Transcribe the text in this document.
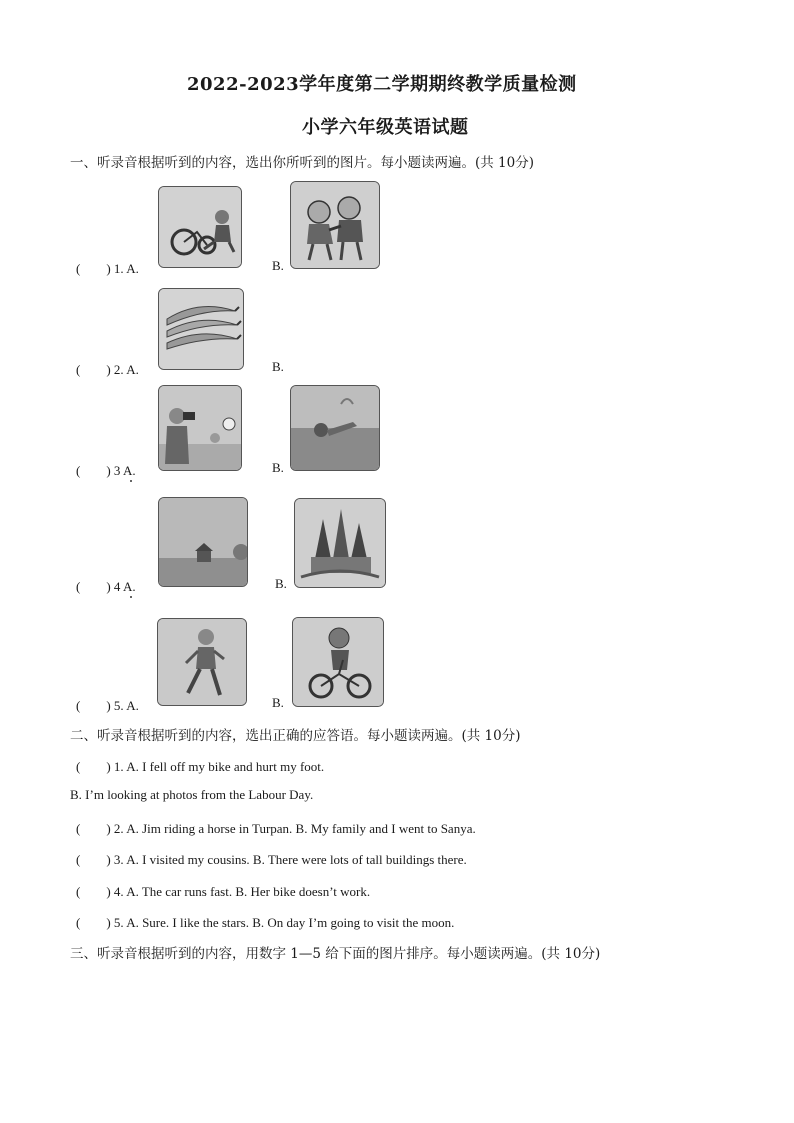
2022-2023学年度第二学期期终教学质量检测
小学六年级英语试题
一、听录音根据听到的内容，选出你所听到的图片。每小题读两遍。(共 10分)
(　　) 1. A.	B.
(　　) 2. A.	B.
(　　) 3 A.	B.
(　　) 4 A.	B.
(　　) 5. A.	B.
二、听录音根据听到的内容，选出正确的应答语。每小题读两遍。(共 10分)
(　　) 1. A. I fell off my bike and hurt my foot.
B. I’m looking at photos from the Labour Day.
(　　) 2. A. Jim riding a horse in Turpan. B. My family and I went to Sanya.
(　　) 3. A. I visited my cousins. B. There were lots of tall buildings there.
(　　) 4. A. The car runs fast. B. Her bike doesn’t work.
(　　) 5. A. Sure. I like the stars. B. On day I’m going to visit the moon.
三、听录音根据听到的内容，用数字 1—5 给下面的图片排序。每小题读两遍。(共 10分)
